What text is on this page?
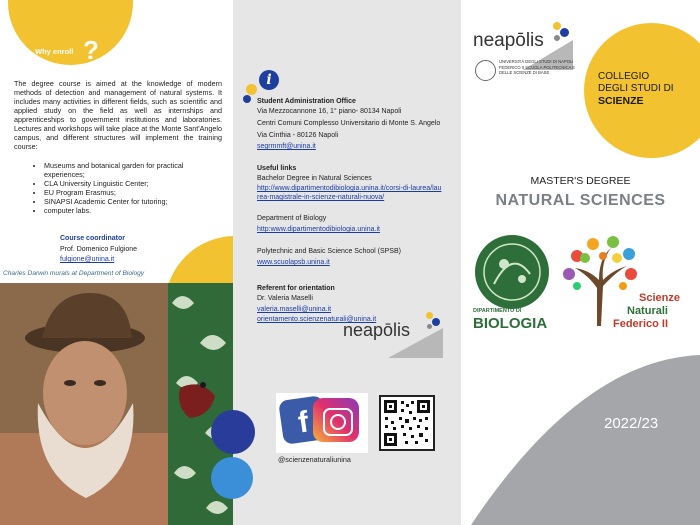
Why enroll ?
The degree course is aimed at the knowledge of modern methods of detection and management of natural systems. It includes many activities in different fields, such as scientific and applied study on the field as well as internships and apprenticeships to government institutions and laboratories. Lectures and workshops will take place at the Monte Sant'Angelo campus, and different structures will implement the training course:
• Museums and botanical garden for practical experiences;
• CLA University Linguistic Center;
• EU Program Erasmus;
• SINAPSI Academic Center for tutoring;
• computer labs.
Course coordinator
Prof. Domenico Fulgione
fulgione@unina.it
Charles Darwin murals at Department of Biology
i
Student Administration Office
Via Mezzocannone 16, 1° piano- 80134 Napoli
Centri Comuni Complesso Universitario di Monte S. Angelo
Via Cinthia - 80126 Napoli
segrmmft@unina.it
Useful links
Bachelor Degree in Natural Sciences
http://www.dipartimentodibiologia.unina.it/corsi-di-laurea/laurea-magistrale-in-scienze-naturali-nuova/
Department of Biology
http:www.dipartimentodibiologia.unina.it
Polytechnic and Basic Science School (SPSB)
www.scuolapsb.unina.it
Referent for orientation
Dr. Valeria Maselli
valeria.maselli@unina.it
orientamento.scienzenaturali@unina.it
neapōlis
f
@scienzenaturaliunina
neapōlis
UNIVERSITÀ DEGLI STUDI DI NAPOLI FEDERICO II SCUOLA POLITECNICA E DELLE SCIENZE DI BASE	COLLEGIO
DEGLI STUDI DI
SCIENZE
MASTER'S DEGREE
NATURAL SCIENCES
DIPARTIMENTO DI
BIOLOGIA
Scienze
Naturali
Federico II
2022/23
